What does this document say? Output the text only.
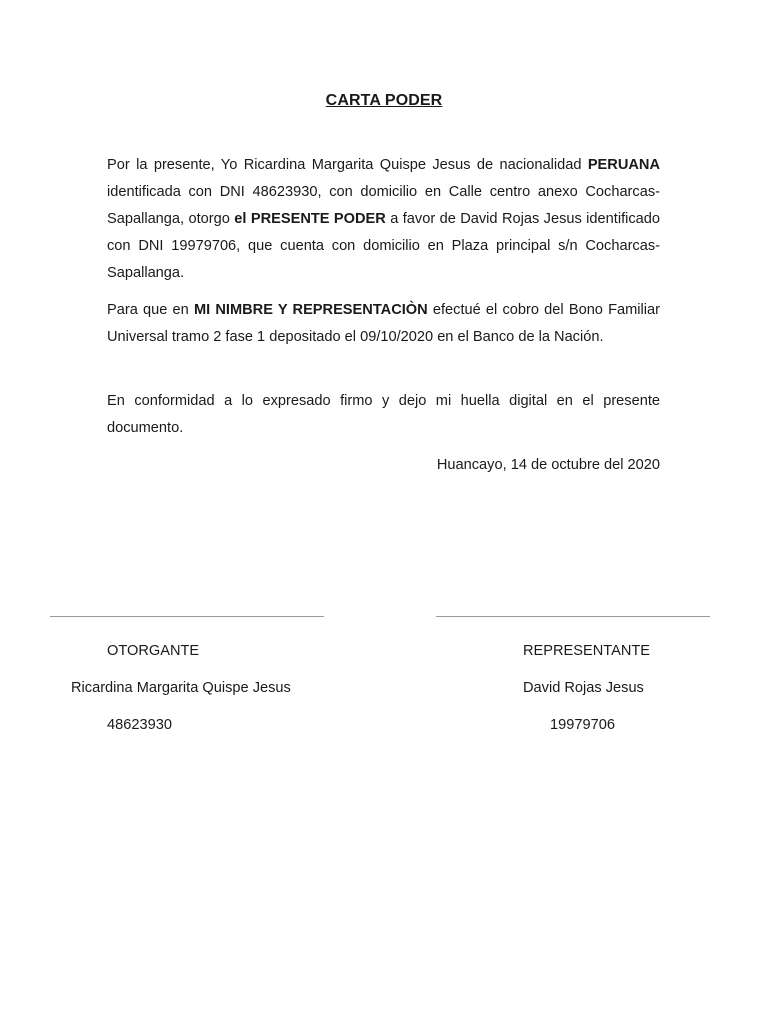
CARTA PODER
Por la presente, Yo Ricardina Margarita Quispe Jesus de nacionalidad PERUANA identificada con DNI 48623930, con domicilio en Calle centro anexo Cocharcas-Sapallanga, otorgo el PRESENTE PODER a favor de David Rojas Jesus identificado con DNI 19979706, que cuenta con domicilio en Plaza principal s/n Cocharcas-Sapallanga.
Para que en MI NIMBRE Y REPRESENTACIÒN efectué el cobro del Bono Familiar Universal tramo 2 fase 1 depositado el 09/10/2020 en el Banco de la Nación.
En conformidad a lo expresado firmo y dejo mi huella digital en el presente documento.
Huancayo, 14 de octubre del 2020
OTORGANTE
Ricardina Margarita Quispe Jesus
48623930
REPRESENTANTE
David Rojas Jesus
19979706
